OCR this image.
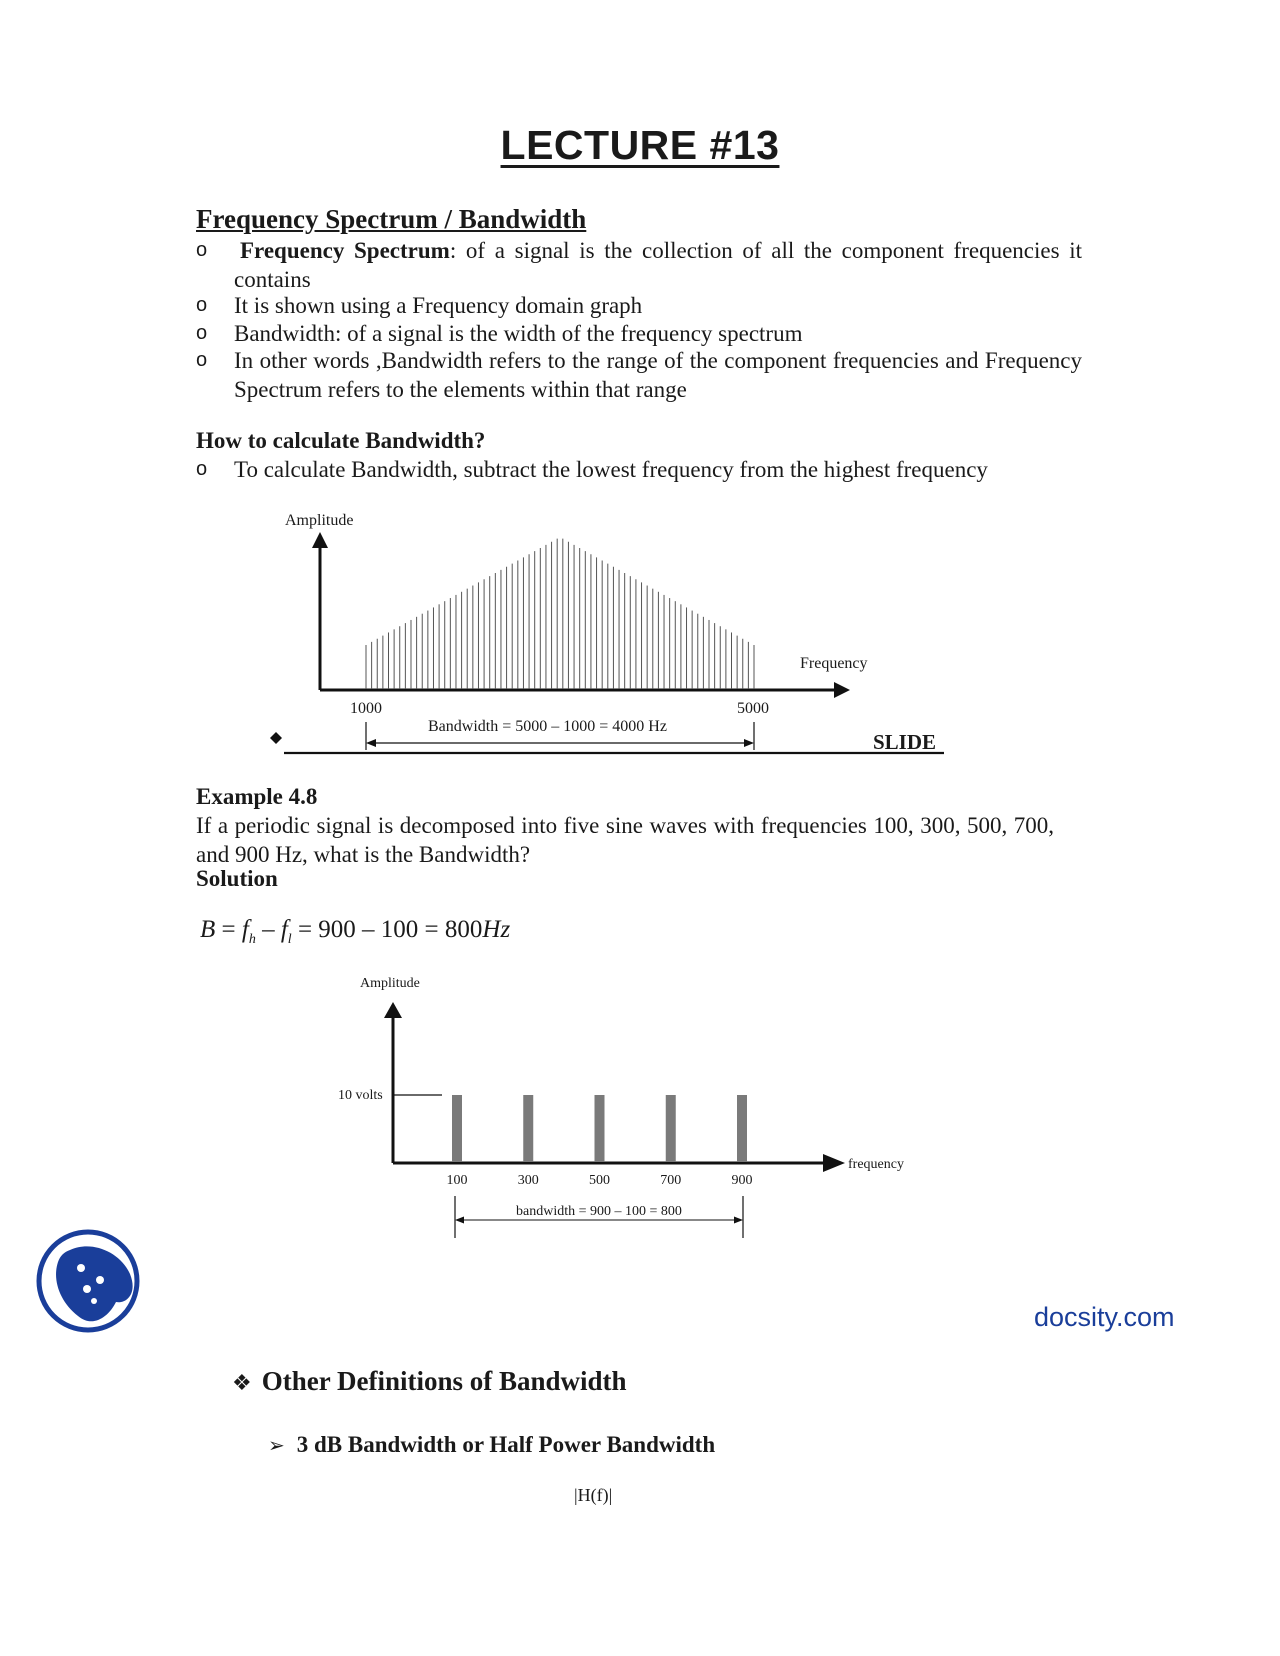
LECTURE #13
Frequency Spectrum / Bandwidth
o Frequency Spectrum: of a signal is the collection of all the component frequencies it contains
o It is shown using a Frequency domain graph
o Bandwidth: of a signal is the width of the frequency spectrum
o In other words ,Bandwidth refers to the range of the component frequencies and Frequency Spectrum refers to the elements within that range
How to calculate Bandwidth?
o To calculate Bandwidth, subtract the lowest frequency from the highest frequency
Amplitude
Frequency
1000	5000
Bandwidth = 5000 – 1000 = 4000 Hz
SLIDE
Example 4.8
If a periodic signal is decomposed into five sine waves with frequencies 100, 300, 500, 700, and 900 Hz, what is the Bandwidth?
Solution
$B = f_h - f_l = 900 - 100 = 800Hz$
Amplitude
10 volts
100	300	500	700	900
frequency
bandwidth = 900 – 100 = 800
docsity.com
❖ Other Definitions of Bandwidth
➢ 3 dB Bandwidth or Half Power Bandwidth
|H(f)|
